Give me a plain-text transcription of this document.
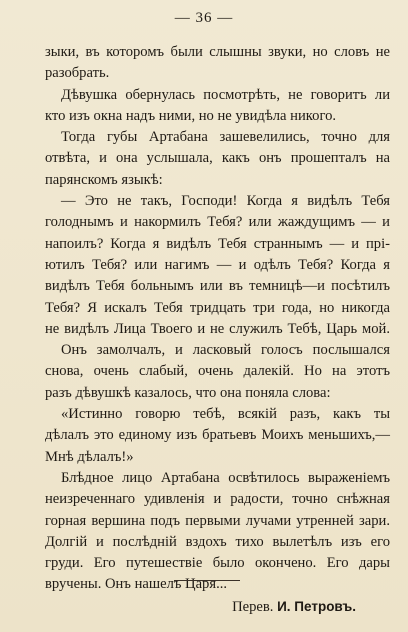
— 36 —
зыки, въ которомъ были слышны звуки, но словъ не
разобрать.
Дѣвушка обернулась посмотрѣть, не говоритъ ли
кто изъ окна надъ ними, но не увидѣла никого.
Тогда губы Артабана зашевелились, точно для
отвѣта, и она услышала, какъ онъ прошепталъ на
парянскомъ языкѣ:
— Это не такъ, Господи! Когда я видѣлъ Тебя
голоднымъ и накормилъ Тебя? или жаждущимъ — и
напоилъ? Когда я видѣлъ Тебя страннымъ — и прі-
ютилъ Тебя? или нагимъ — и одѣлъ Тебя? Когда я
видѣлъ Тебя больнымъ или въ темницѣ—и посѣтилъ
Тебя? Я искалъ Тебя тридцать три года, но никогда
не видѣлъ Лица Твоего и не служилъ Тебѣ, Царь мой.
Онъ замолчалъ, и ласковый голосъ послышался
снова, очень слабый, очень далекій. Но на этотъ
разъ дѣвушкѣ казалось, что она поняла слова:
«Истинно говорю тебѣ, всякій разъ, какъ ты
дѣлалъ это единому изъ братьевъ Моихъ меньшихъ,—
Мнѣ дѣлалъ!»
Блѣдное лицо Артабана освѣтилось выраженіемъ
неизреченнаго удивленія и радости, точно снѣжная
горная вершина подъ первыми лучами утренней зари.
Долгій и послѣдній вздохъ тихо вылетѣлъ изъ его
груди. Его путешествіе было окончено. Его дары
вручены. Онъ нашелъ Царя...
Перев. И. Петровъ.
